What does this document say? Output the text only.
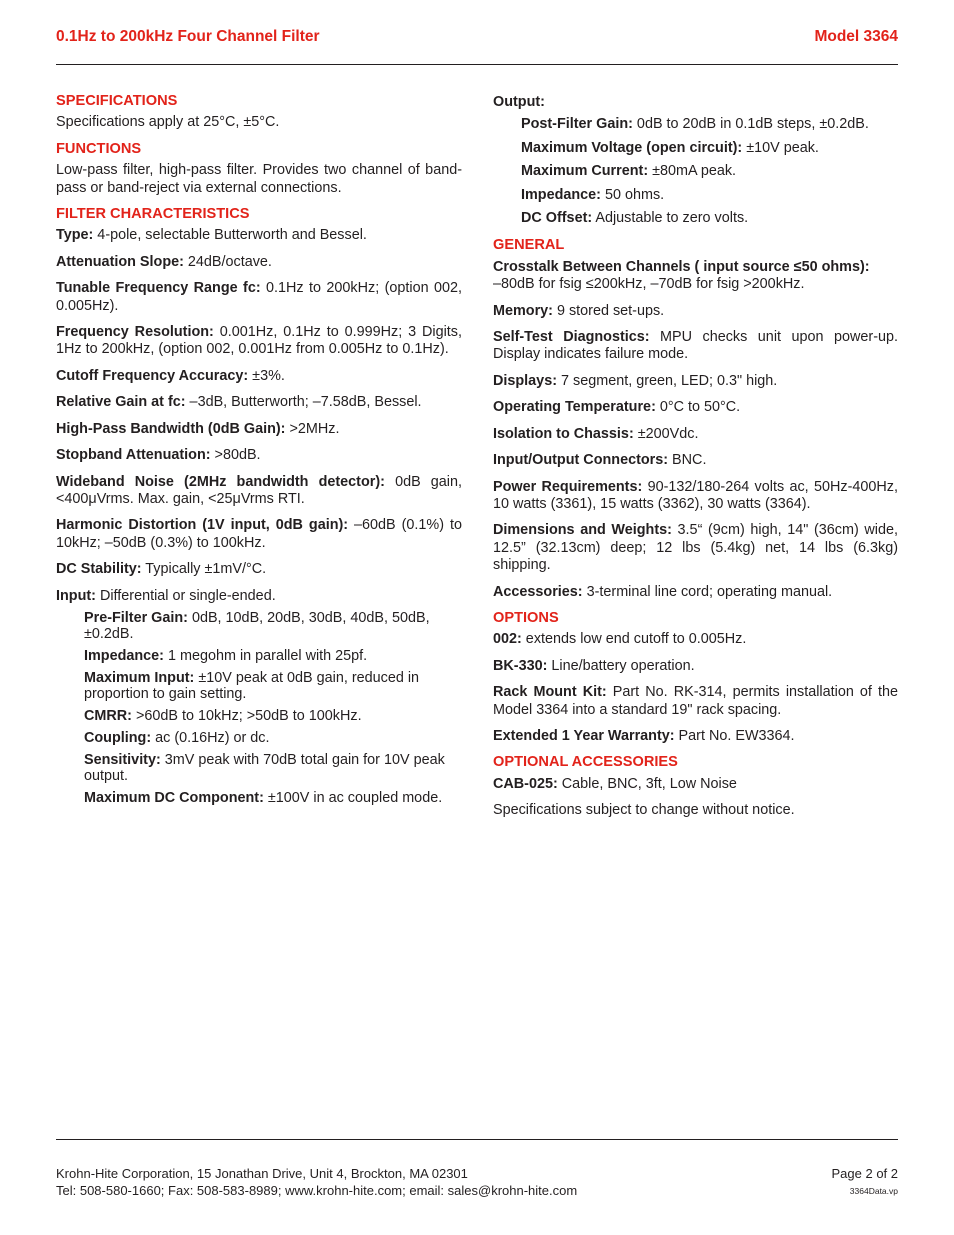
0.1Hz to 200kHz Four Channel Filter	Model 3364
SPECIFICATIONS
Specifications apply at 25°C, ±5°C.
FUNCTIONS
Low-pass filter, high-pass filter. Provides two channel of band-pass or band-reject via external connections.
FILTER CHARACTERISTICS
Type: 4-pole, selectable Butterworth and Bessel.
Attenuation Slope: 24dB/octave.
Tunable Frequency Range fc: 0.1Hz to 200kHz; (option 002, 0.005Hz).
Frequency Resolution: 0.001Hz, 0.1Hz to 0.999Hz; 3 Digits, 1Hz to 200kHz, (option 002, 0.001Hz from 0.005Hz to 0.1Hz).
Cutoff Frequency Accuracy: ±3%.
Relative Gain at fc: –3dB, Butterworth; –7.58dB, Bessel.
High-Pass Bandwidth (0dB Gain): >2MHz.
Stopband Attenuation: >80dB.
Wideband Noise (2MHz bandwidth detector): 0dB gain, <400μVrms. Max. gain, <25μVrms RTI.
Harmonic Distortion (1V input, 0dB gain): –60dB (0.1%) to 10kHz; –50dB (0.3%) to 100kHz.
DC Stability: Typically ±1mV/°C.
Input: Differential or single-ended.
Pre-Filter Gain: 0dB, 10dB, 20dB, 30dB, 40dB, 50dB, ±0.2dB.
Impedance: 1 megohm in parallel with 25pf.
Maximum Input: ±10V peak at 0dB gain, reduced in proportion to gain setting.
CMRR: >60dB to 10kHz; >50dB to 100kHz.
Coupling: ac (0.16Hz) or dc.
Sensitivity: 3mV peak with 70dB total gain for 10V peak output.
Maximum DC Component: ±100V in ac coupled mode.
Output:
Post-Filter Gain: 0dB to 20dB in 0.1dB steps, ±0.2dB.
Maximum Voltage (open circuit): ±10V peak.
Maximum Current: ±80mA peak.
Impedance: 50 ohms.
DC Offset: Adjustable to zero volts.
GENERAL
Crosstalk Between Channels ( input source ≤50 ohms):
–80dB for fsig ≤200kHz, –70dB for fsig >200kHz.
Memory: 9 stored set-ups.
Self-Test Diagnostics: MPU checks unit upon power-up. Display indicates failure mode.
Displays: 7 segment, green, LED; 0.3" high.
Operating Temperature: 0°C to 50°C.
Isolation to Chassis: ±200Vdc.
Input/Output Connectors: BNC.
Power Requirements: 90-132/180-264 volts ac, 50Hz-400Hz, 10 watts (3361), 15 watts (3362), 30 watts (3364).
Dimensions and Weights: 3.5“ (9cm) high, 14" (36cm) wide, 12.5” (32.13cm) deep; 12 lbs (5.4kg) net, 14 lbs (6.3kg) shipping.
Accessories: 3-terminal line cord; operating manual.
OPTIONS
002: extends low end cutoff to 0.005Hz.
BK-330: Line/battery operation.
Rack Mount Kit: Part No. RK-314, permits installation of the Model 3364 into a standard 19" rack spacing.
Extended 1 Year Warranty: Part No. EW3364.
OPTIONAL ACCESSORIES
CAB-025: Cable, BNC, 3ft, Low Noise
Specifications subject to change without notice.
Krohn-Hite Corporation, 15 Jonathan Drive, Unit 4, Brockton, MA 02301
Tel: 508-580-1660; Fax: 508-583-8989; www.krohn-hite.com; email: sales@krohn-hite.com
Page 2 of 2
3364Data.vp
